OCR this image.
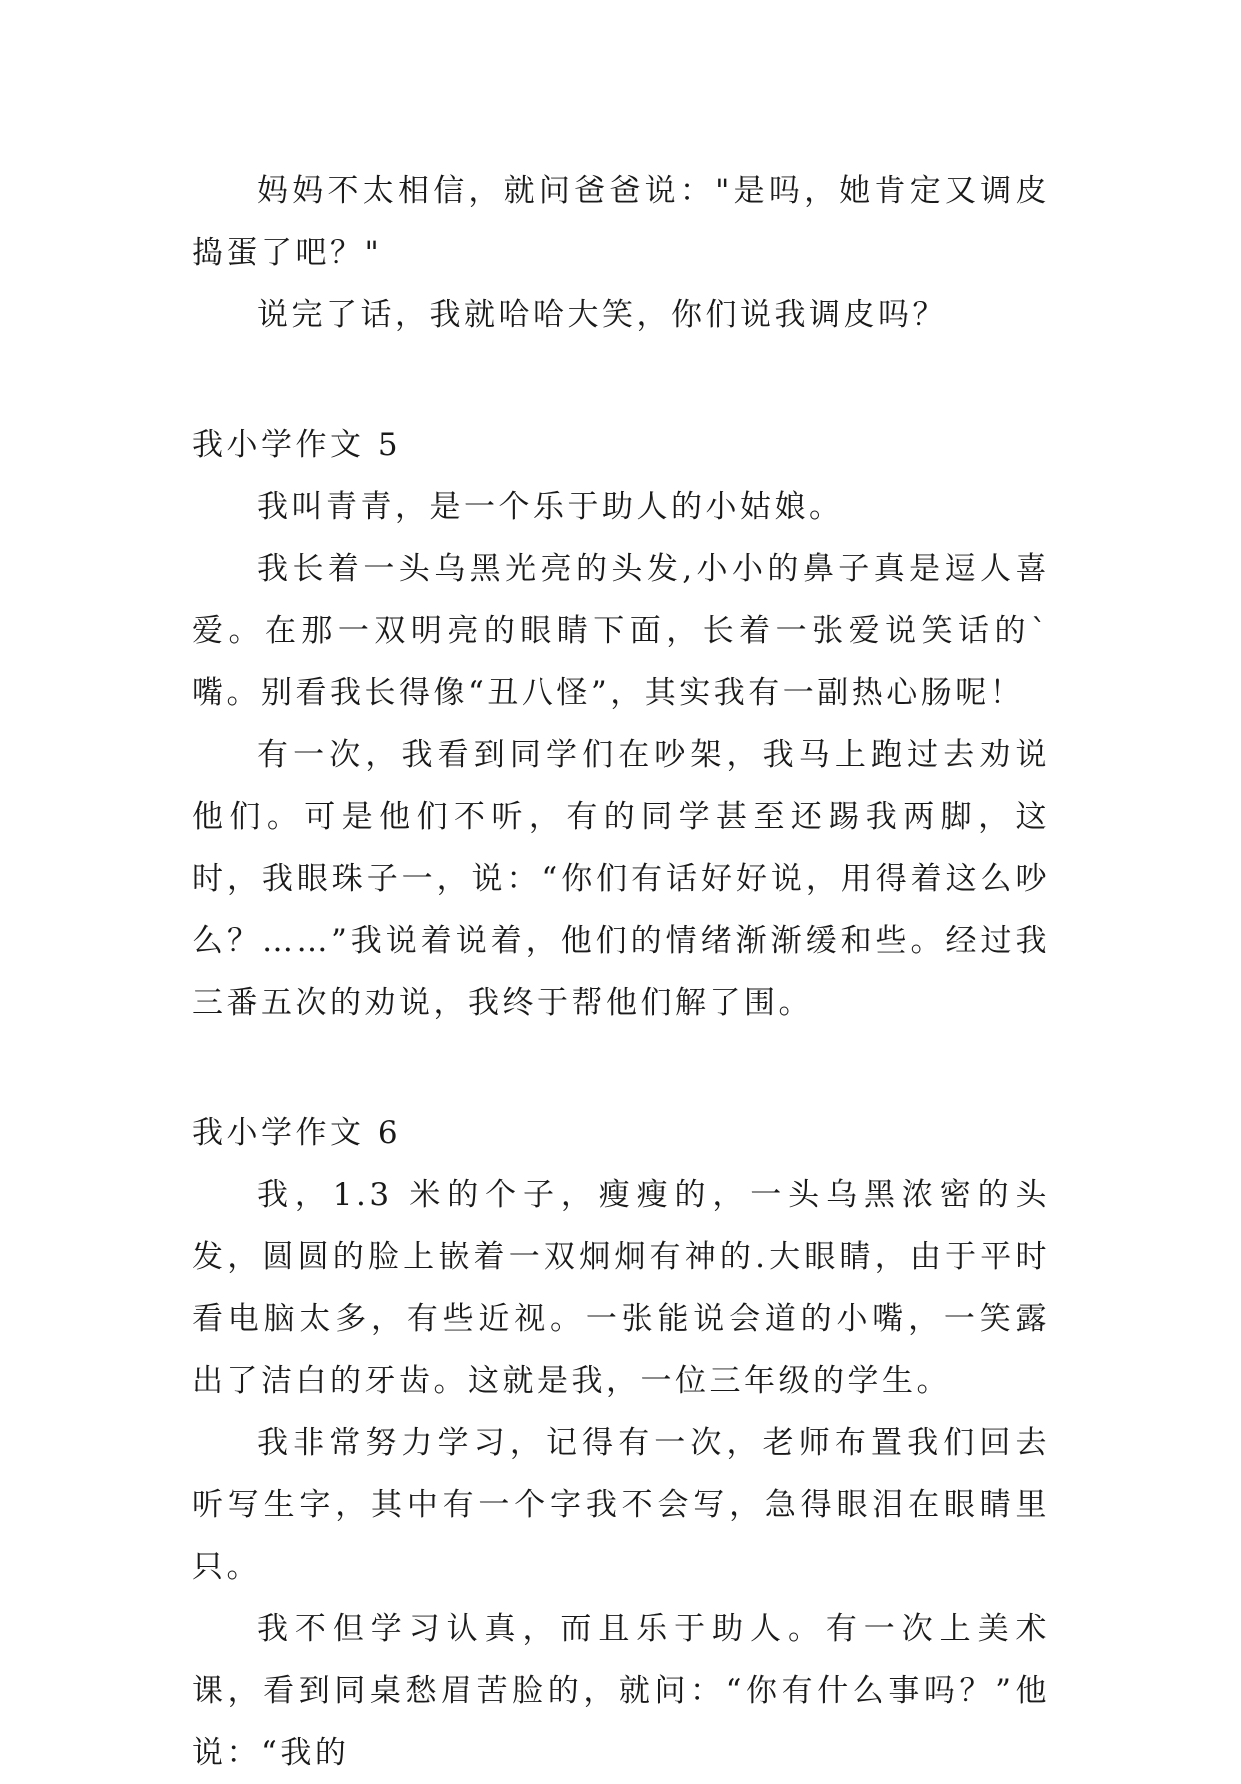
妈妈不太相信，就问爸爸说："是吗，她肯定又调皮捣蛋了吧？"

说完了话，我就哈哈大笑，你们说我调皮吗？

我小学作文 5

我叫青青，是一个乐于助人的小姑娘。

我长着一头乌黑光亮的头发,小小的鼻子真是逗人喜爱。在那一双明亮的眼睛下面，长着一张爱说笑话的`嘴。别看我长得像“丑八怪”，其实我有一副热心肠呢！

有一次，我看到同学们在吵架，我马上跑过去劝说他们。可是他们不听，有的同学甚至还踢我两脚，这时，我眼珠子一，说：“你们有话好好说，用得着这么吵么？……”我说着说着，他们的情绪渐渐缓和些。经过我三番五次的劝说，我终于帮他们解了围。

我小学作文 6

我，1.3 米的个子，瘦瘦的，一头乌黑浓密的头发，圆圆的脸上嵌着一双炯炯有神的.大眼睛，由于平时看电脑太多，有些近视。一张能说会道的小嘴，一笑露出了洁白的牙齿。这就是我，一位三年级的学生。

我非常努力学习，记得有一次，老师布置我们回去听写生字，其中有一个字我不会写，急得眼泪在眼睛里只。

我不但学习认真，而且乐于助人。有一次上美术课，看到同桌愁眉苦脸的，就问：“你有什么事吗？”他说：“我的
